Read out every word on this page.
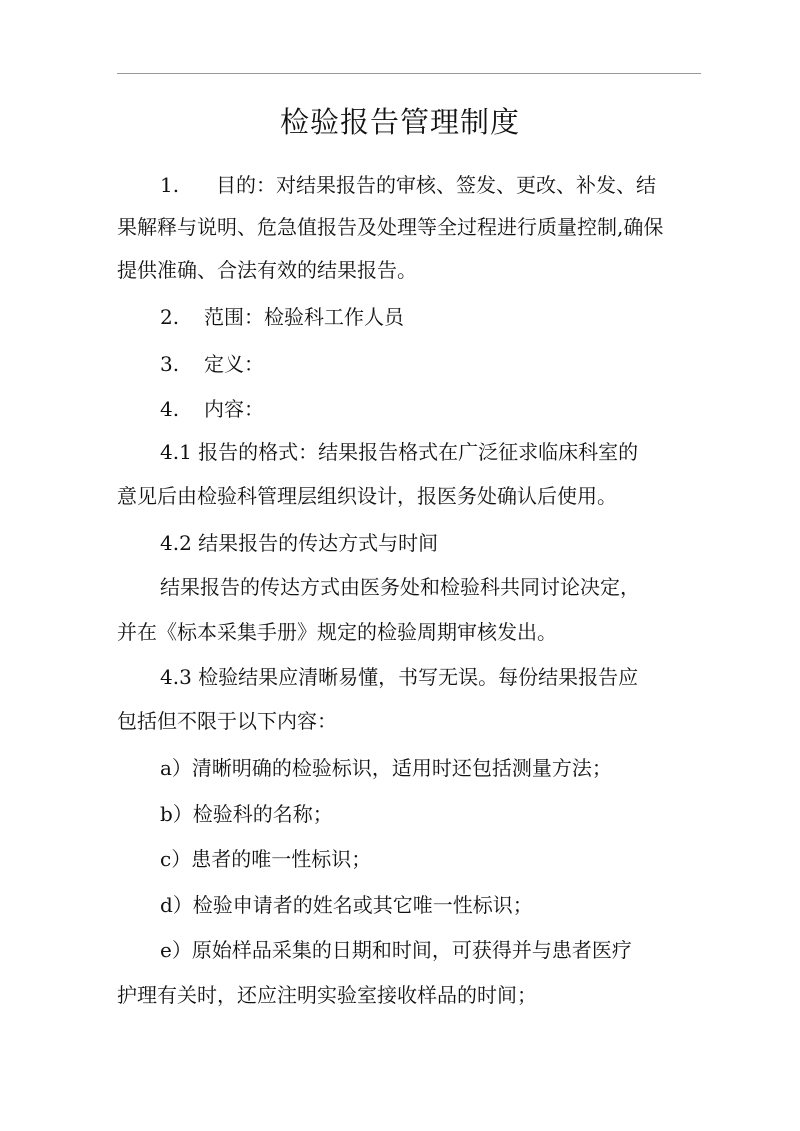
检验报告管理制度

1. 目的：对结果报告的审核、签发、更改、补发、结

果解释与说明、危急值报告及处理等全过程进行质量控制,确保

提供准确、合法有效的结果报告。

2. 范围：检验科工作人员

3. 定义：

4. 内容：

4.1 报告的格式：结果报告格式在广泛征求临床科室的

意见后由检验科管理层组织设计，报医务处确认后使用。

4.2 结果报告的传达方式与时间

结果报告的传达方式由医务处和检验科共同讨论决定，

并在《标本采集手册》规定的检验周期审核发出。

4.3 检验结果应清晰易懂，书写无误。每份结果报告应

包括但不限于以下内容：

a）清晰明确的检验标识，适用时还包括测量方法；

b）检验科的名称；

c）患者的唯一性标识；

d）检验申请者的姓名或其它唯一性标识；

e）原始样品采集的日期和时间，可获得并与患者医疗

护理有关时，还应注明实验室接收样品的时间；
